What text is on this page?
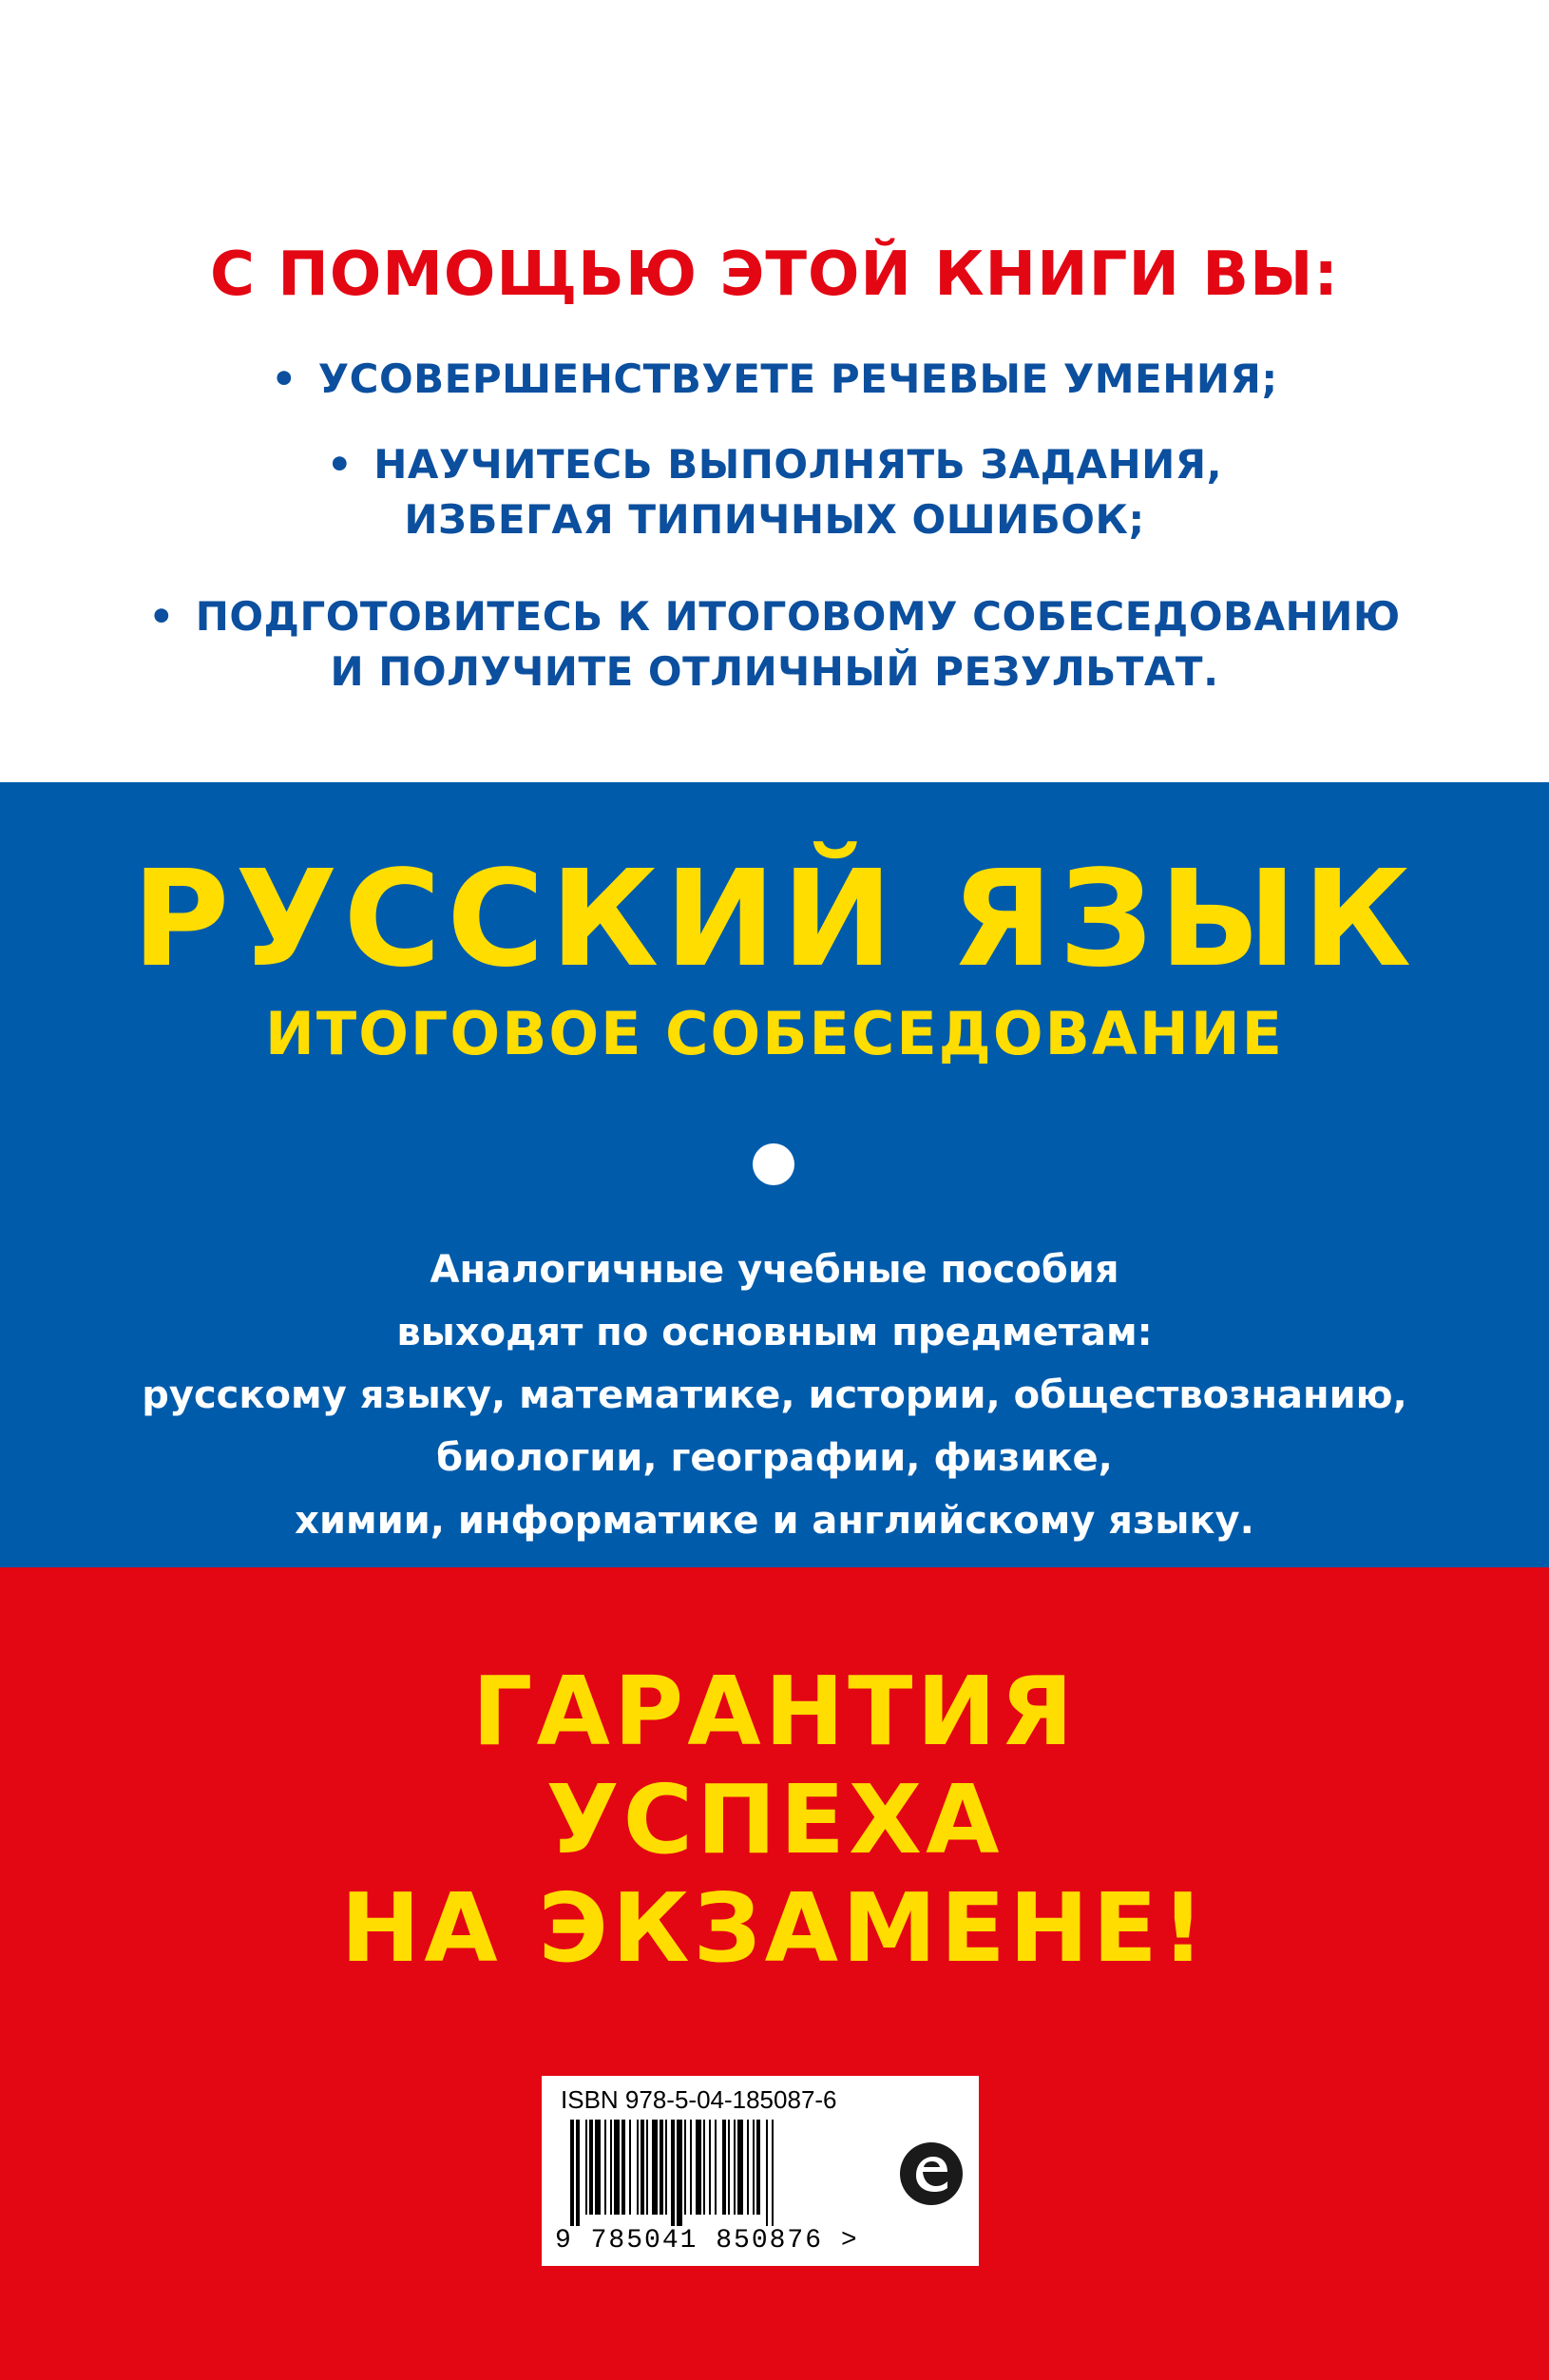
С ПОМОЩЬЮ ЭТОЙ КНИГИ ВЫ:
• УСОВЕРШЕНСТВУЕТЕ РЕЧЕВЫЕ УМЕНИЯ;
• НАУЧИТЕСЬ ВЫПОЛНЯТЬ ЗАДАНИЯ,
ИЗБЕГАЯ ТИПИЧНЫХ ОШИБОК;
• ПОДГОТОВИТЕСЬ К ИТОГОВОМУ СОБЕСЕДОВАНИЮ
И ПОЛУЧИТЕ ОТЛИЧНЫЙ РЕЗУЛЬТАТ.
РУССКИЙ ЯЗЫК
ИТОГОВОЕ СОБЕСЕДОВАНИЕ
Аналогичные учебные пособия
выходят по основным предметам:
русскому языку, математике, истории, обществознанию,
биологии, географии, физике,
химии, информатике и английскому языку.
ГАРАНТИЯ
УСПЕХА
НА ЭКЗАМЕНЕ!
ISBN 978-5-04-185087-6
9 785041 850876 >
